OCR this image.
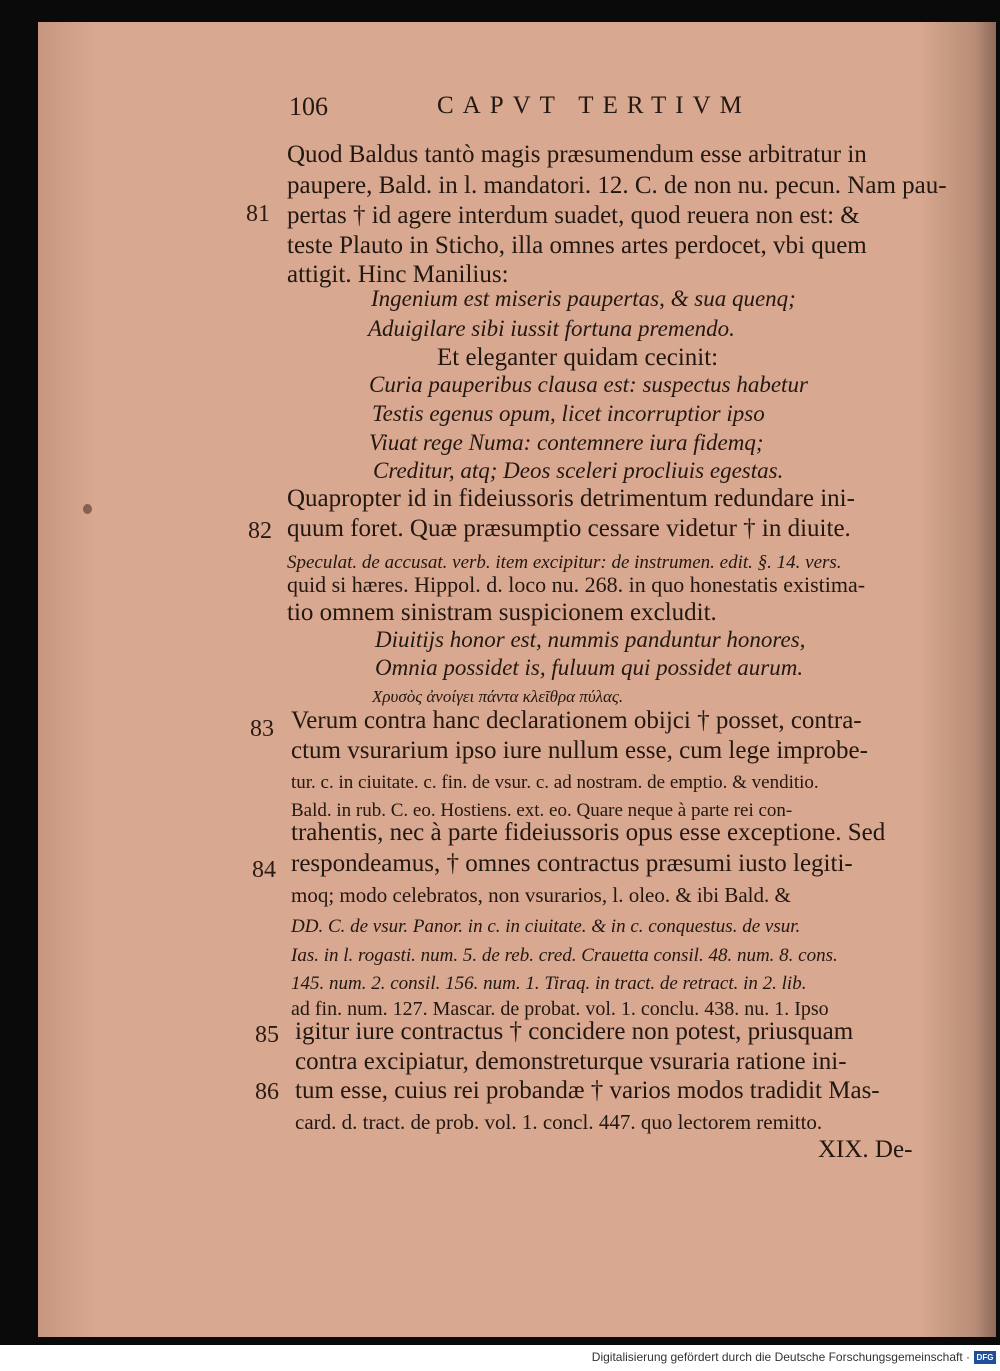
106	CAPVT TERTIVM
Quod Baldus tantò magis præsumendum esse arbitratur in
paupere, Bald. in l. mandatori. 12. C. de non nu. pecun. Nam pau-
pertas † id agere interdum suadet, quod reuera non est: &
teste Plauto in Sticho, illa omnes artes perdocet, vbi quem
attigit. Hinc Manilius:
Ingenium est miseris paupertas, & sua quenq;
Aduigilare sibi iussit fortuna premendo.
Et eleganter quidam cecinit:
Curia pauperibus clausa est: suspectus habetur
Testis egenus opum, licet incorruptior ipso
Viuat rege Numa: contemnere iura fidemq;
Creditur, atq; Deos sceleri procliuis egestas.
Quapropter id in fideiussoris detrimentum redundare ini-
quum foret. Quæ præsumptio cessare videtur † in diuite.
Speculat. de accusat. verb. item excipitur: de instrumen. edit. §. 14. vers.
quid si hæres. Hippol. d. loco nu. 268. in quo honestatis existima-
tio omnem sinistram suspicionem excludit.
Diuitijs honor est, nummis panduntur honores,
Omnia possidet is, fuluum qui possidet aurum.
Χρυσὸς ἀνοίγει πάντα κλεῖθρα πύλας.
Verum contra hanc declarationem obijci † posset, contra-
ctum vsurarium ipso iure nullum esse, cum lege improbe-
tur. c. in ciuitate. c. fin. de vsur. c. ad nostram. de emptio. & venditio.
Bald. in rub. C. eo. Hostiens. ext. eo. Quare neque à parte rei con-
trahentis, nec à parte fideiussoris opus esse exceptione. Sed
respondeamus, † omnes contractus præsumi iusto legiti-
moq; modo celebratos, non vsurarios, l. oleo. & ibi Bald. &
DD. C. de vsur. Panor. in c. in ciuitate. & in c. conquestus. de vsur.
Ias. in l. rogasti. num. 5. de reb. cred. Crauetta consil. 48. num. 8. cons.
145. num. 2. consil. 156. num. 1. Tiraq. in tract. de retract. in 2. lib.
ad fin. num. 127. Mascar. de probat. vol. 1. conclu. 438. nu. 1. Ipso
igitur iure contractus † concidere non potest, priusquam
contra excipiatur, demonstreturque vsuraria ratione ini-
tum esse, cuius rei probandæ † varios modos tradidit Mas-
card. d. tract. de prob. vol. 1. concl. 447. quo lectorem remitto.
81
82
83
84
85
86
XIX. De-
Digitalisierung gefördert durch die Deutsche Forschungsgemeinschaft · DFG
